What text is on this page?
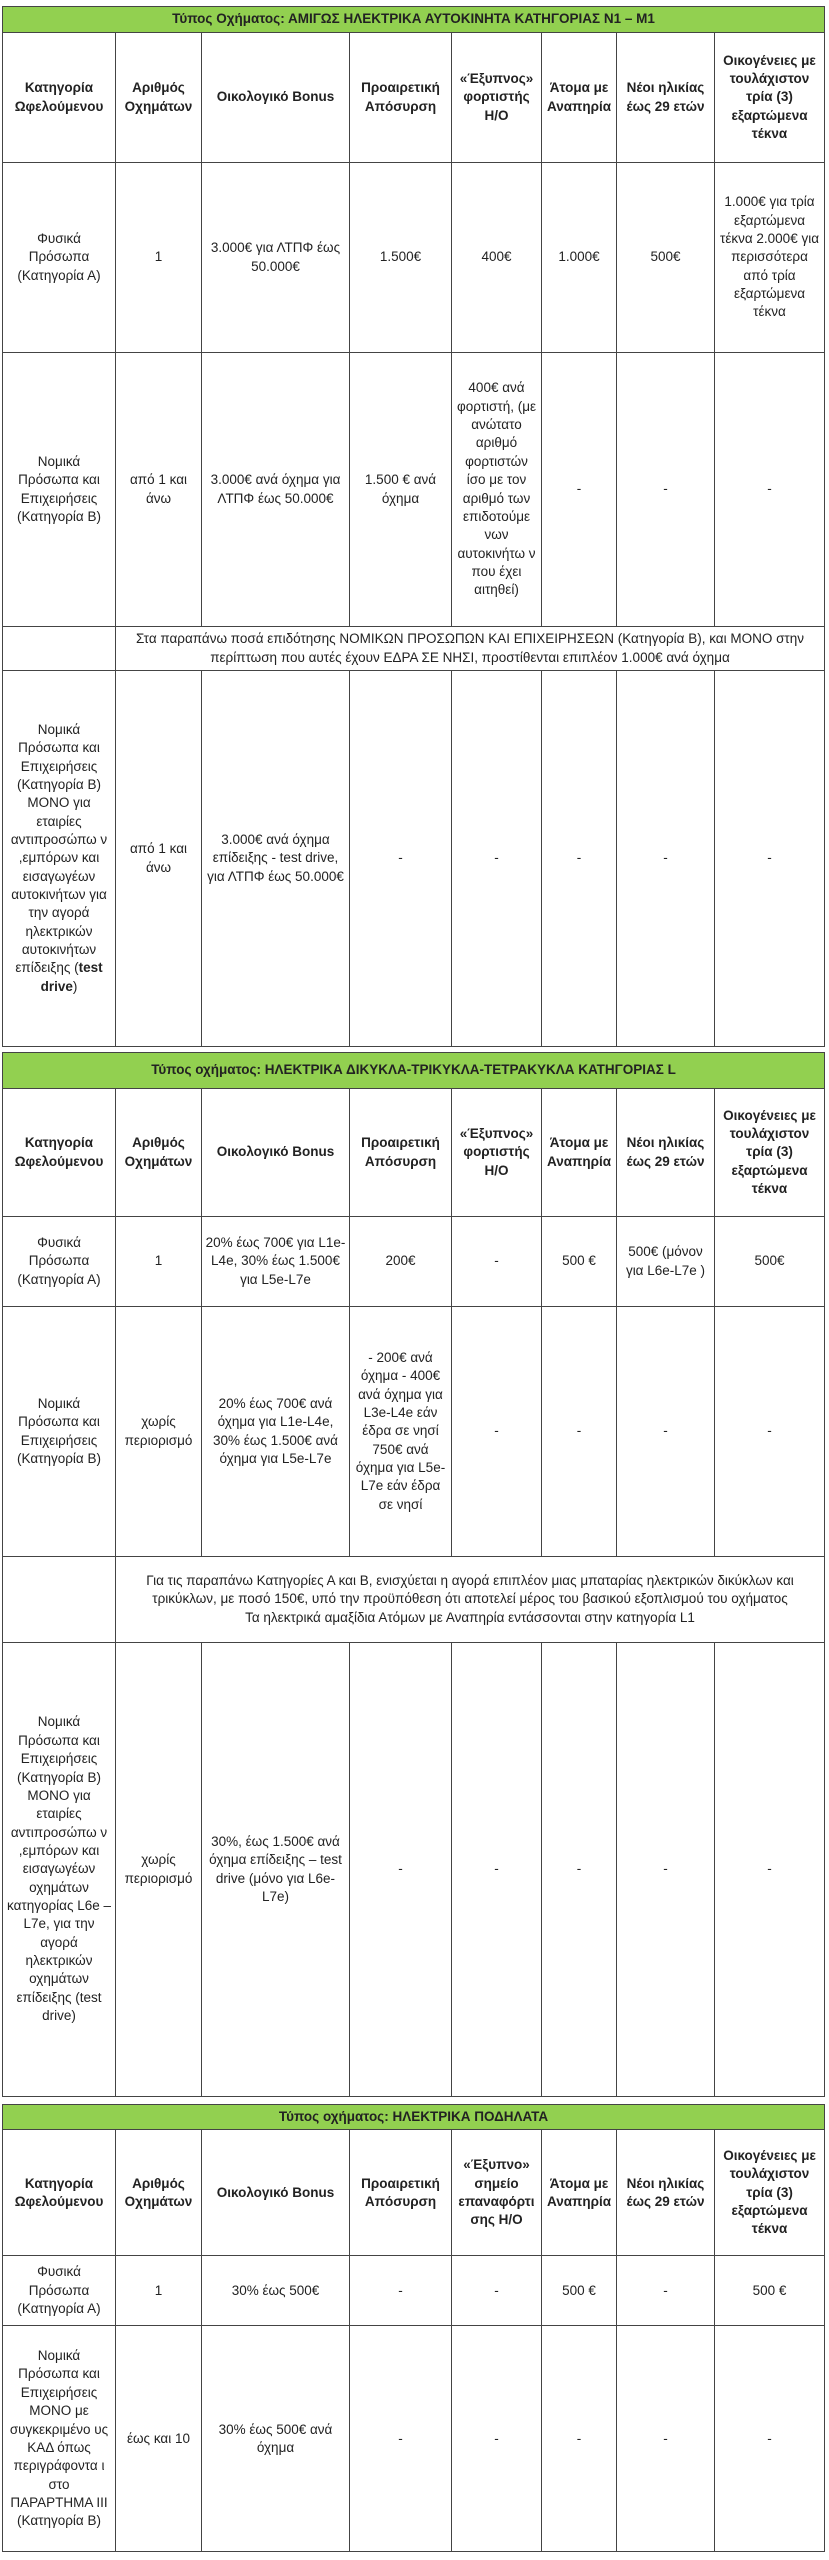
Τύπος Οχήματος: ΑΜΙΓΩΣ ΗΛΕΚΤΡΙΚΑ ΑΥΤΟΚΙΝΗΤΑ ΚΑΤΗΓΟΡΙΑΣ Ν1 – Μ1							
Κατηγορία Ωφελούμενου	Αριθμός Οχημάτων	Οικολογικό Bonus	Προαιρετική Απόσυρση	«Έξυπνος» φορτιστής Η/Ο	Άτομα με Αναπηρία	Νέοι ηλικίας έως 29 ετών	Οικογένειες με τουλάχιστον τρία (3) εξαρτώμενα τέκνα
Φυσικά Πρόσωπα (Κατηγορία Α)	1	3.000€ για ΛΤΠΦ έως 50.000€	1.500€	400€	1.000€	500€	1.000€ για τρία εξαρτώμενα τέκνα 2.000€ για περισσότερα από τρία εξαρτώμενα τέκνα
Νομικά Πρόσωπα και Επιχειρήσεις (Κατηγορία Β)	από 1 και άνω	3.000€ ανά όχημα για ΛΤΠΦ έως 50.000€	1.500 € ανά όχημα	400€ ανά φορτιστή, (με ανώτατο αριθμό φορτιστών ίσο με τον αριθμό των επιδοτούμε νων αυτοκινήτω ν που έχει αιτηθεί)	-	-	-
	Στα παραπάνω ποσά επιδότησης ΝΟΜΙΚΩΝ ΠΡΟΣΩΠΩΝ ΚΑΙ ΕΠΙΧΕΙΡΗΣΕΩΝ (Κατηγορία Β), και ΜΟΝΟ στην περίπτωση που αυτές έχουν ΕΔΡΑ ΣΕ ΝΗΣΙ, προστίθενται επιπλέον 1.000€ ανά όχημα						
Νομικά Πρόσωπα και Επιχειρήσεις (Κατηγορία Β) ΜΟΝΟ για εταιρίες αντιπροσώπω ν ,εμπόρων και εισαγωγέων αυτοκινήτων για την αγορά ηλεκτρικών αυτοκινήτων επίδειξης (test drive)	από 1 και άνω	3.000€ ανά όχημα επίδειξης - test drive, για ΛΤΠΦ έως 50.000€	-	-	-	-	-
Τύπος οχήματος: ΗΛΕΚΤΡΙΚΑ ΔΙΚΥΚΛΑ-ΤΡΙΚΥΚΛΑ-ΤΕΤΡΑΚΥΚΛΑ ΚΑΤΗΓΟΡΙΑΣ L							
Κατηγορία Ωφελούμενου	Αριθμός Οχημάτων	Οικολογικό Bonus	Προαιρετική Απόσυρση	«Έξυπνος» φορτιστής Η/Ο	Άτομα με Αναπηρία	Νέοι ηλικίας έως 29 ετών	Οικογένειες με τουλάχιστον τρία (3) εξαρτώμενα τέκνα
Φυσικά Πρόσωπα (Κατηγορία Α)	1	20% έως 700€ για L1e-L4e, 30% έως 1.500€ για L5e-L7e	200€	-	500 €	500€ (μόνον για L6e-L7e )	500€
Νομικά Πρόσωπα και Επιχειρήσεις (Κατηγορία Β)	χωρίς περιορισμό	20% έως 700€ ανά όχημα για L1e-L4e, 30% έως 1.500€ ανά όχημα για L5e-L7e	- 200€ ανά όχημα - 400€ ανά όχημα για L3e-L4e εάν έδρα σε νησί 750€ ανά όχημα για L5e-L7e εάν έδρα σε νησί	-	-	-	-

	Για τις παραπάνω Κατηγορίες Α και Β, ενισχύεται η αγορά επιπλέον μιας μπαταρίας ηλεκτρικών δικύκλων και τρικύκλων, με ποσό 150€, υπό την προϋπόθεση ότι αποτελεί μέρος του βασικού εξοπλισμού του οχήματος
Τα ηλεκτρικά αμαξίδια Ατόμων με Αναπηρία εντάσσονται στην κατηγορία L1						

Νομικά Πρόσωπα και Επιχειρήσεις (Κατηγορία Β) ΜΟΝΟ για εταιρίες αντιπροσώπω ν ,εμπόρων και εισαγωγέων οχημάτων κατηγορίας L6e – L7e, για την αγορά ηλεκτρικών οχημάτων επίδειξης (test drive)	χωρίς περιορισμό	30%, έως 1.500€ ανά όχημα επίδειξης – test drive (μόνο για L6e-L7e)	-	-	-	-	-
Τύπος οχήματος: ΗΛΕΚΤΡΙΚΑ ΠΟΔΗΛΑΤΑ							
Κατηγορία Ωφελούμενου	Αριθμός Οχημάτων	Οικολογικό Bonus	Προαιρετική Απόσυρση	«Έξυπνο» σημείο επαναφόρτισης Η/Ο	Άτομα με Αναπηρία	Νέοι ηλικίας έως 29 ετών	Οικογένειες με τουλάχιστον τρία (3) εξαρτώμενα τέκνα
Φυσικά Πρόσωπα (Κατηγορία Α)	1	30% έως 500€	-	-	500 €	-	500 €
Νομικά Πρόσωπα και Επιχειρήσεις ΜΟΝΟ με συγκεκριμένο υς ΚΑΔ όπως περιγράφοντα ι στο ΠΑΡΑΡΤΗΜΑ III (Κατηγορία Β)	έως και 10	30% έως 500€ ανά όχημα	-	-	-	-	-
